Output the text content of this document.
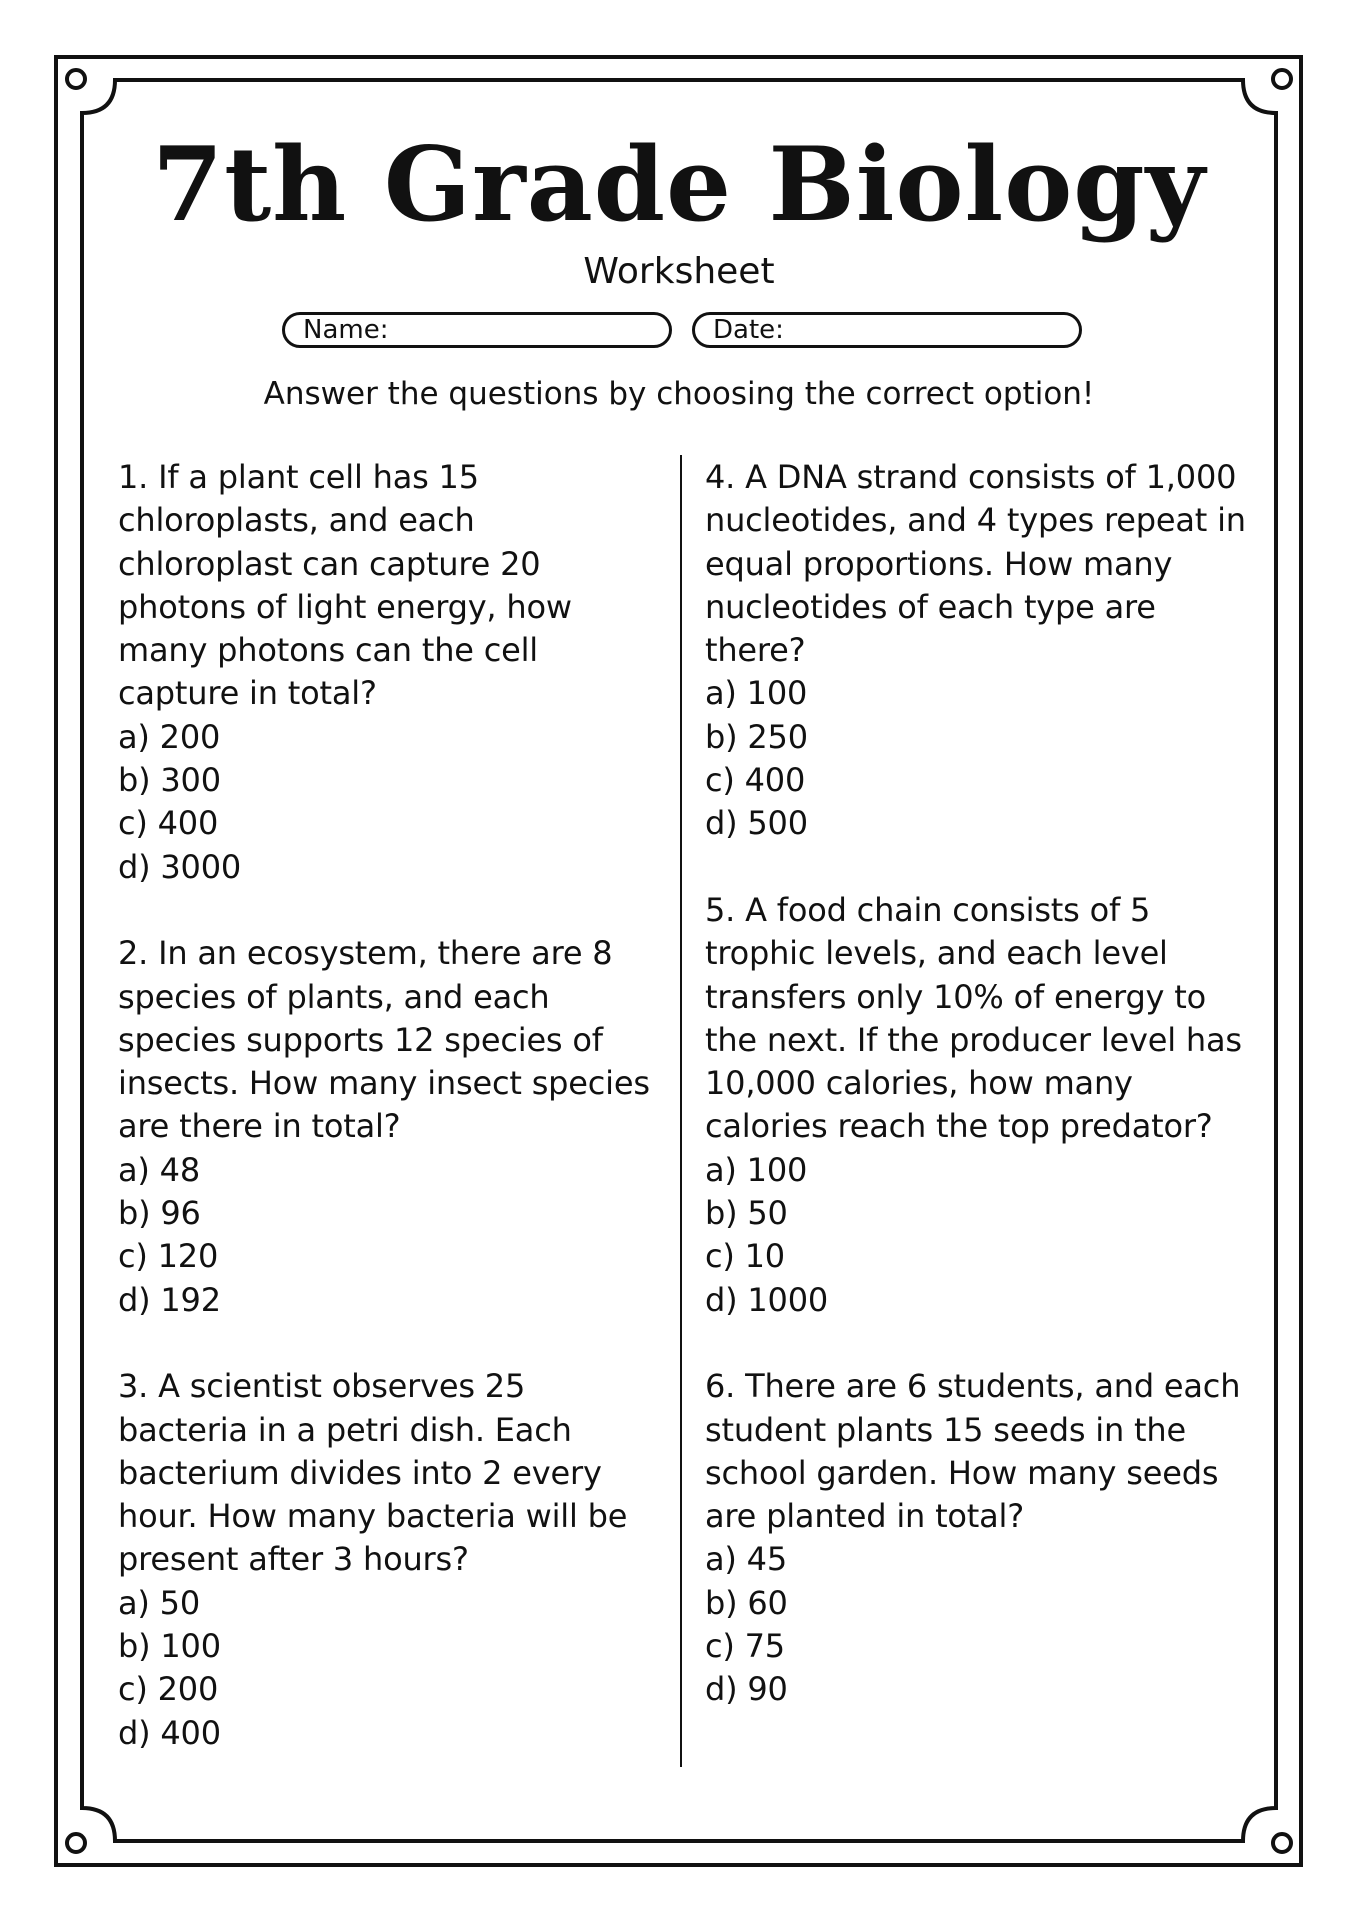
7th Grade Biology
Worksheet
Name:	Date:

Answer the questions by choosing the correct option!

1. If a plant cell has 15 chloroplasts, and each chloroplast can capture 20 photons of light energy, how many photons can the cell capture in total?

a) 200

b) 300

c) 400

d) 3000

2. In an ecosystem, there are 8 species of plants, and each species supports 12 species of insects. How many insect species are there in total?

a) 48

b) 96

c) 120

d) 192

3. A scientist observes 25 bacteria in a petri dish. Each bacterium divides into 2 every hour. How many bacteria will be present after 3 hours?

a) 50

b) 100

c) 200

d) 400

4. A DNA strand consists of 1,000 nucleotides, and 4 types repeat in equal proportions. How many nucleotides of each type are there?

a) 100

b) 250

c) 400

d) 500

5. A food chain consists of 5 trophic levels, and each level transfers only 10% of energy to the next. If the producer level has 10,000 calories, how many calories reach the top predator?

a) 100

b) 50

c) 10

d) 1000

6. There are 6 students, and each student plants 15 seeds in the school garden. How many seeds are planted in total?

a) 45

b) 60

c) 75

d) 90
